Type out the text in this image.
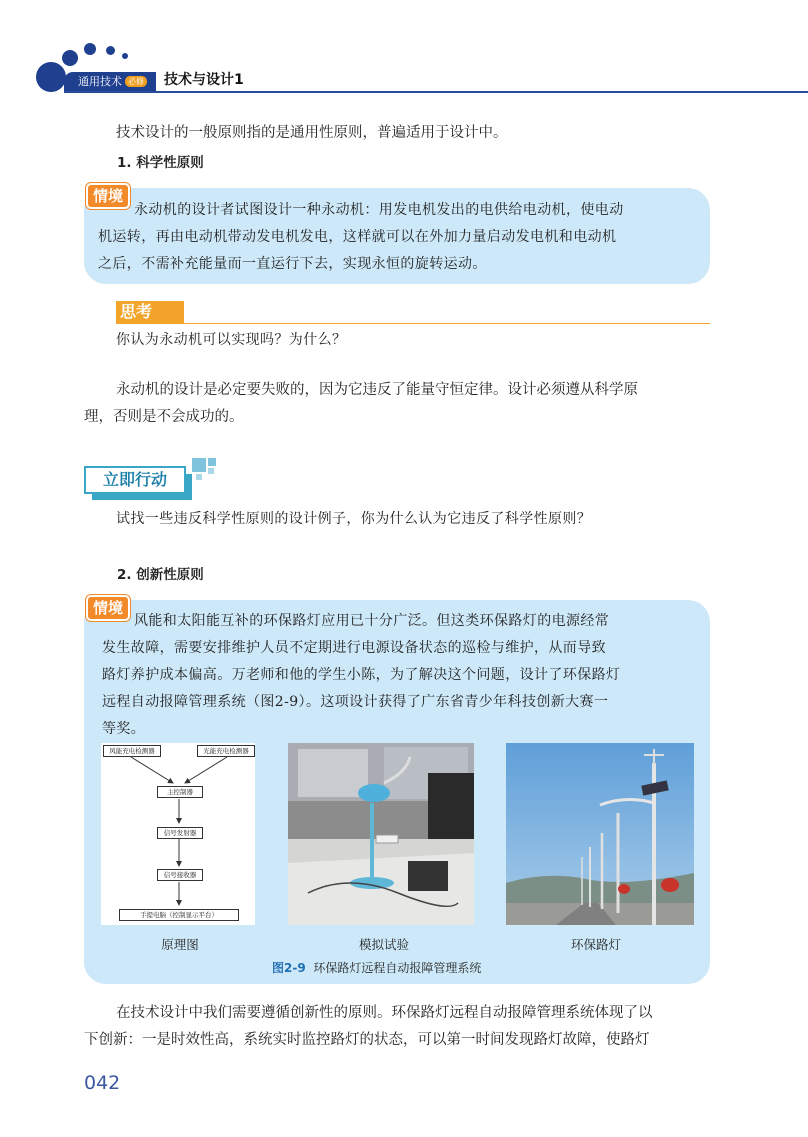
通用技术 必修	技术与设计1
技术设计的一般原则指的是通用性原则，普遍适用于设计中。
1. 科学性原则
情境
永动机的设计者试图设计一种永动机：用发电机发出的电供给电动机，使电动
机运转，再由电动机带动发电机发电，这样就可以在外加力量启动发电机和电动机
之后，不需补充能量而一直运行下去，实现永恒的旋转运动。
思考
你认为永动机可以实现吗？为什么？
永动机的设计是必定要失败的，因为它违反了能量守恒定律。设计必须遵从科学原
理，否则是不会成功的。
立即行动
试找一些违反科学性原则的设计例子，你为什么认为它违反了科学性原则？
2. 创新性原则
情境
风能和太阳能互补的环保路灯应用已十分广泛。但这类环保路灯的电源经常
发生故障，需要安排维护人员不定期进行电源设备状态的巡检与维护，从而导致
路灯养护成本偏高。万老师和他的学生小陈，为了解决这个问题，设计了环保路灯
远程自动报障管理系统（图2-9）。这项设计获得了广东省青少年科技创新大赛一
等奖。
风能充电检测器	光能充电检测器
主控制器
信号发射器
信号接收器
手提电脑（控制显示平台）
原理图	模拟试验	环保路灯
图2-9 环保路灯远程自动报障管理系统
在技术设计中我们需要遵循创新性的原则。环保路灯远程自动报障管理系统体现了以
下创新：一是时效性高，系统实时监控路灯的状态，可以第一时间发现路灯故障，使路灯
042
